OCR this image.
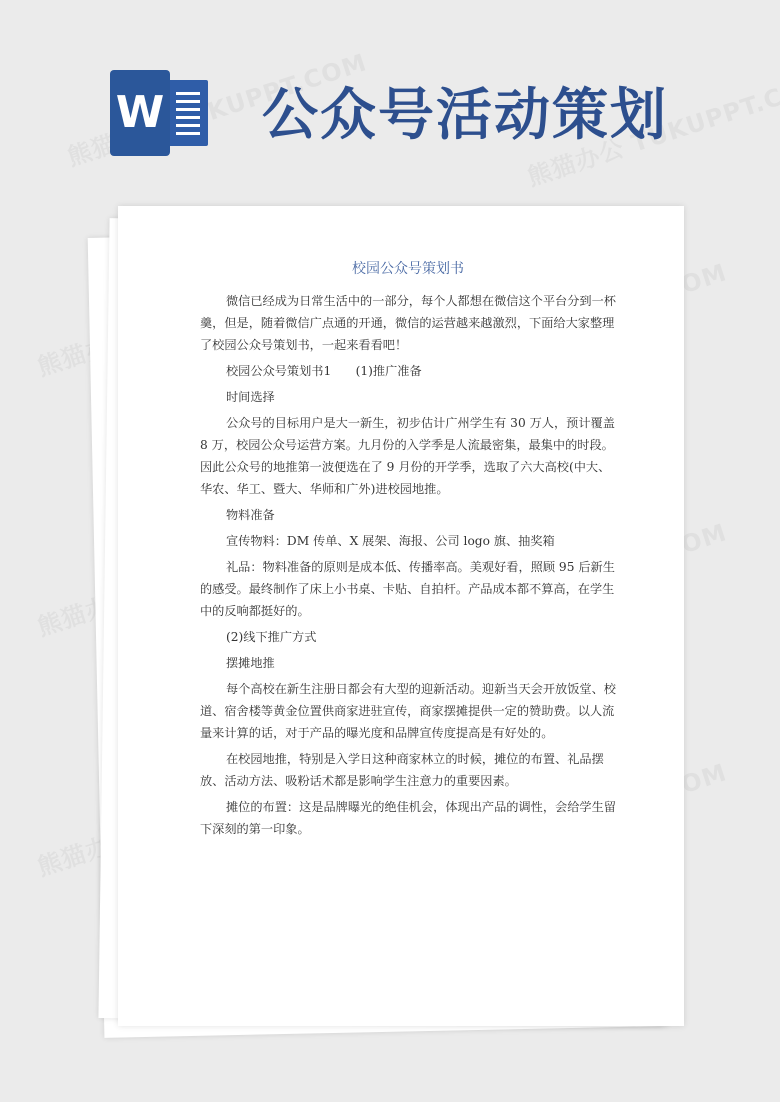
W 公众号活动策划
校园公众号策划书

微信已经成为日常生活中的一部分，每个人都想在微信这个平台分到一杯羹，但是，随着微信广点通的开通，微信的运营越来越激烈，下面给大家整理了校园公众号策划书，一起来看看吧！

校园公众号策划书1　　(1)推广准备

时间选择

公众号的目标用户是大一新生，初步估计广州学生有 30 万人，预计覆盖 8 万，校园公众号运营方案。九月份的入学季是人流最密集，最集中的时段。因此公众号的地推第一波便选在了 9 月份的开学季，选取了六大高校(中大、华农、华工、暨大、华师和广外)进校园地推。

物料准备

宣传物料：DM 传单、X 展架、海报、公司 logo 旗、抽奖箱

礼品：物料准备的原则是成本低、传播率高。美观好看，照顾 95 后新生的感受。最终制作了床上小书桌、卡贴、自拍杆。产品成本都不算高，在学生中的反响都挺好的。

(2)线下推广方式

摆摊地推

每个高校在新生注册日都会有大型的迎新活动。迎新当天会开放饭堂、校道、宿舍楼等黄金位置供商家进驻宣传，商家摆摊提供一定的赞助费。以人流量来计算的话，对于产品的曝光度和品牌宣传度提高是有好处的。

在校园地推，特别是入学日这种商家林立的时候，摊位的布置、礼品摆放、活动方法、吸粉话术都是影响学生注意力的重要因素。

摊位的布置：这是品牌曝光的绝佳机会，体现出产品的调性，会给学生留下深刻的第一印象。
